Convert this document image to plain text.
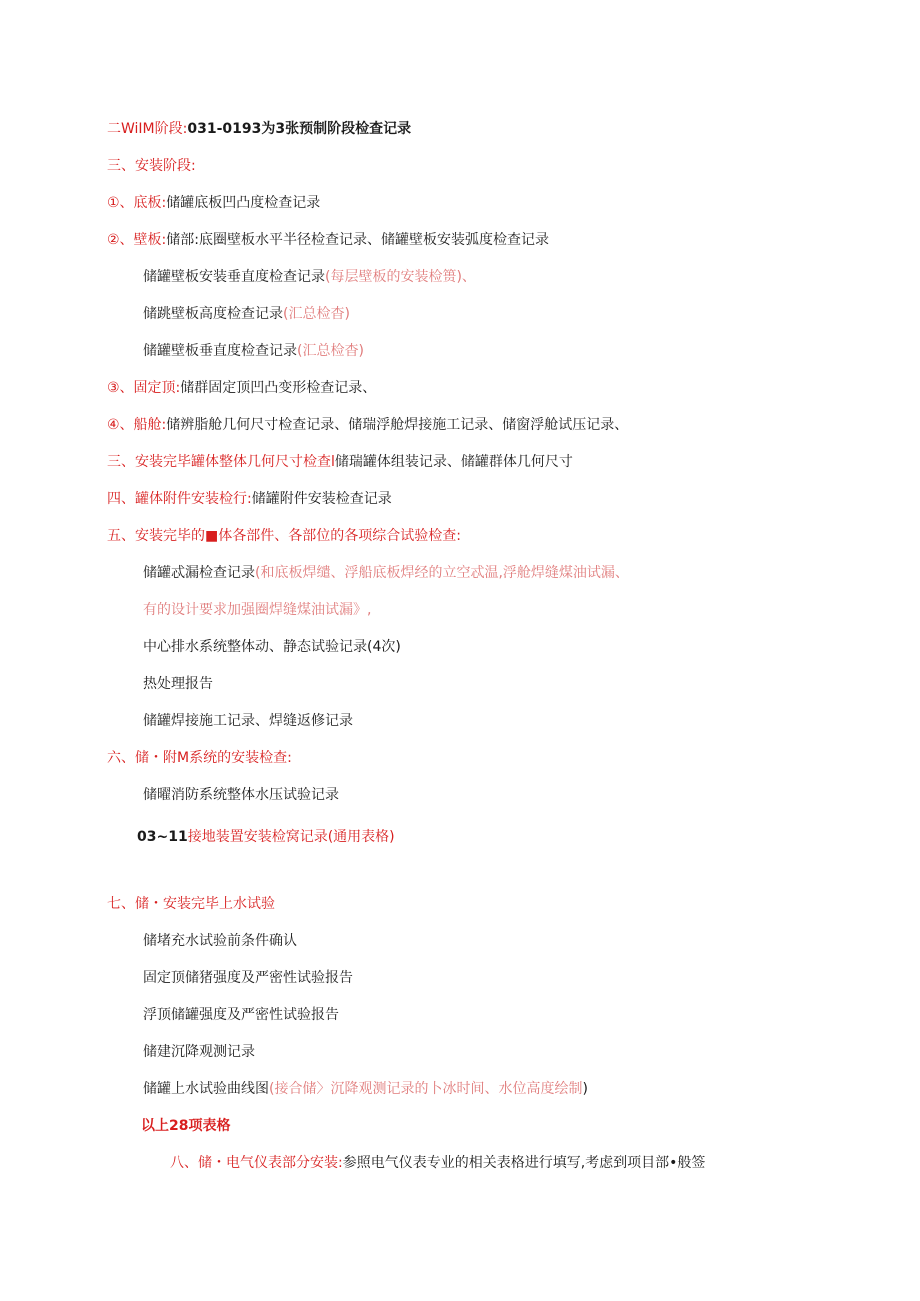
二WiIM阶段:031-0193为3张预制阶段检查记录
三、安装阶段:
①、底板:储罐底板凹凸度检查记录
②、壁板:储部:底圈壁板水平半径检查记录、储罐壁板安装弧度检查记录
储罐壁板安装垂直度检查记录(每层壁板的安装检篑)、
储跳壁板高度检查记录(汇总检杳)
储罐壁板垂直度检查记录(汇总检杳)
③、固定顶:储群固定顶凹凸变形检查记录、
④、船舱:储辨脂舱几何尺寸检查记录、储瑞浮舱焊接施工记录、储窗浮舱试压记录、
三、安装完毕罐体整体几何尺寸检查l储瑞罐体组装记录、储罐群体几何尺寸
四、罐体附件安装检行:储罐附件安装检查记录
五、安装完毕的■体各部件、各部位的各项综合试验检查:
储罐忒漏检查记录(和底板焊缱、浮船底板焊经的立空忒温,浮舱焊缝煤油试漏、
有的设计要求加强圈焊缝煤油试漏》,
中心排水系统整体动、静态试验记录(4次)
热处理报告
储罐焊接施工记录、焊缝返修记录
六、储・附M系统的安装检查:
储曜消防系统整体水压试验记录
03~11接地装置安装检窝记录(通用表格)
七、储・安装完毕上水试验
储堵充水试验前条件确认
固定顶储猪强度及严密性试验报告
浮顶储罐强度及严密性试验报告
储建沉降观测记录
储罐上水试验曲线图(接合储〉沉降观测记录的卜冰时间、水位高度绘制)
以上28项表格
八、储・电气仪表部分安装:参照电气仪表专业的相关表格进行填写,考虑到项目部•般签
